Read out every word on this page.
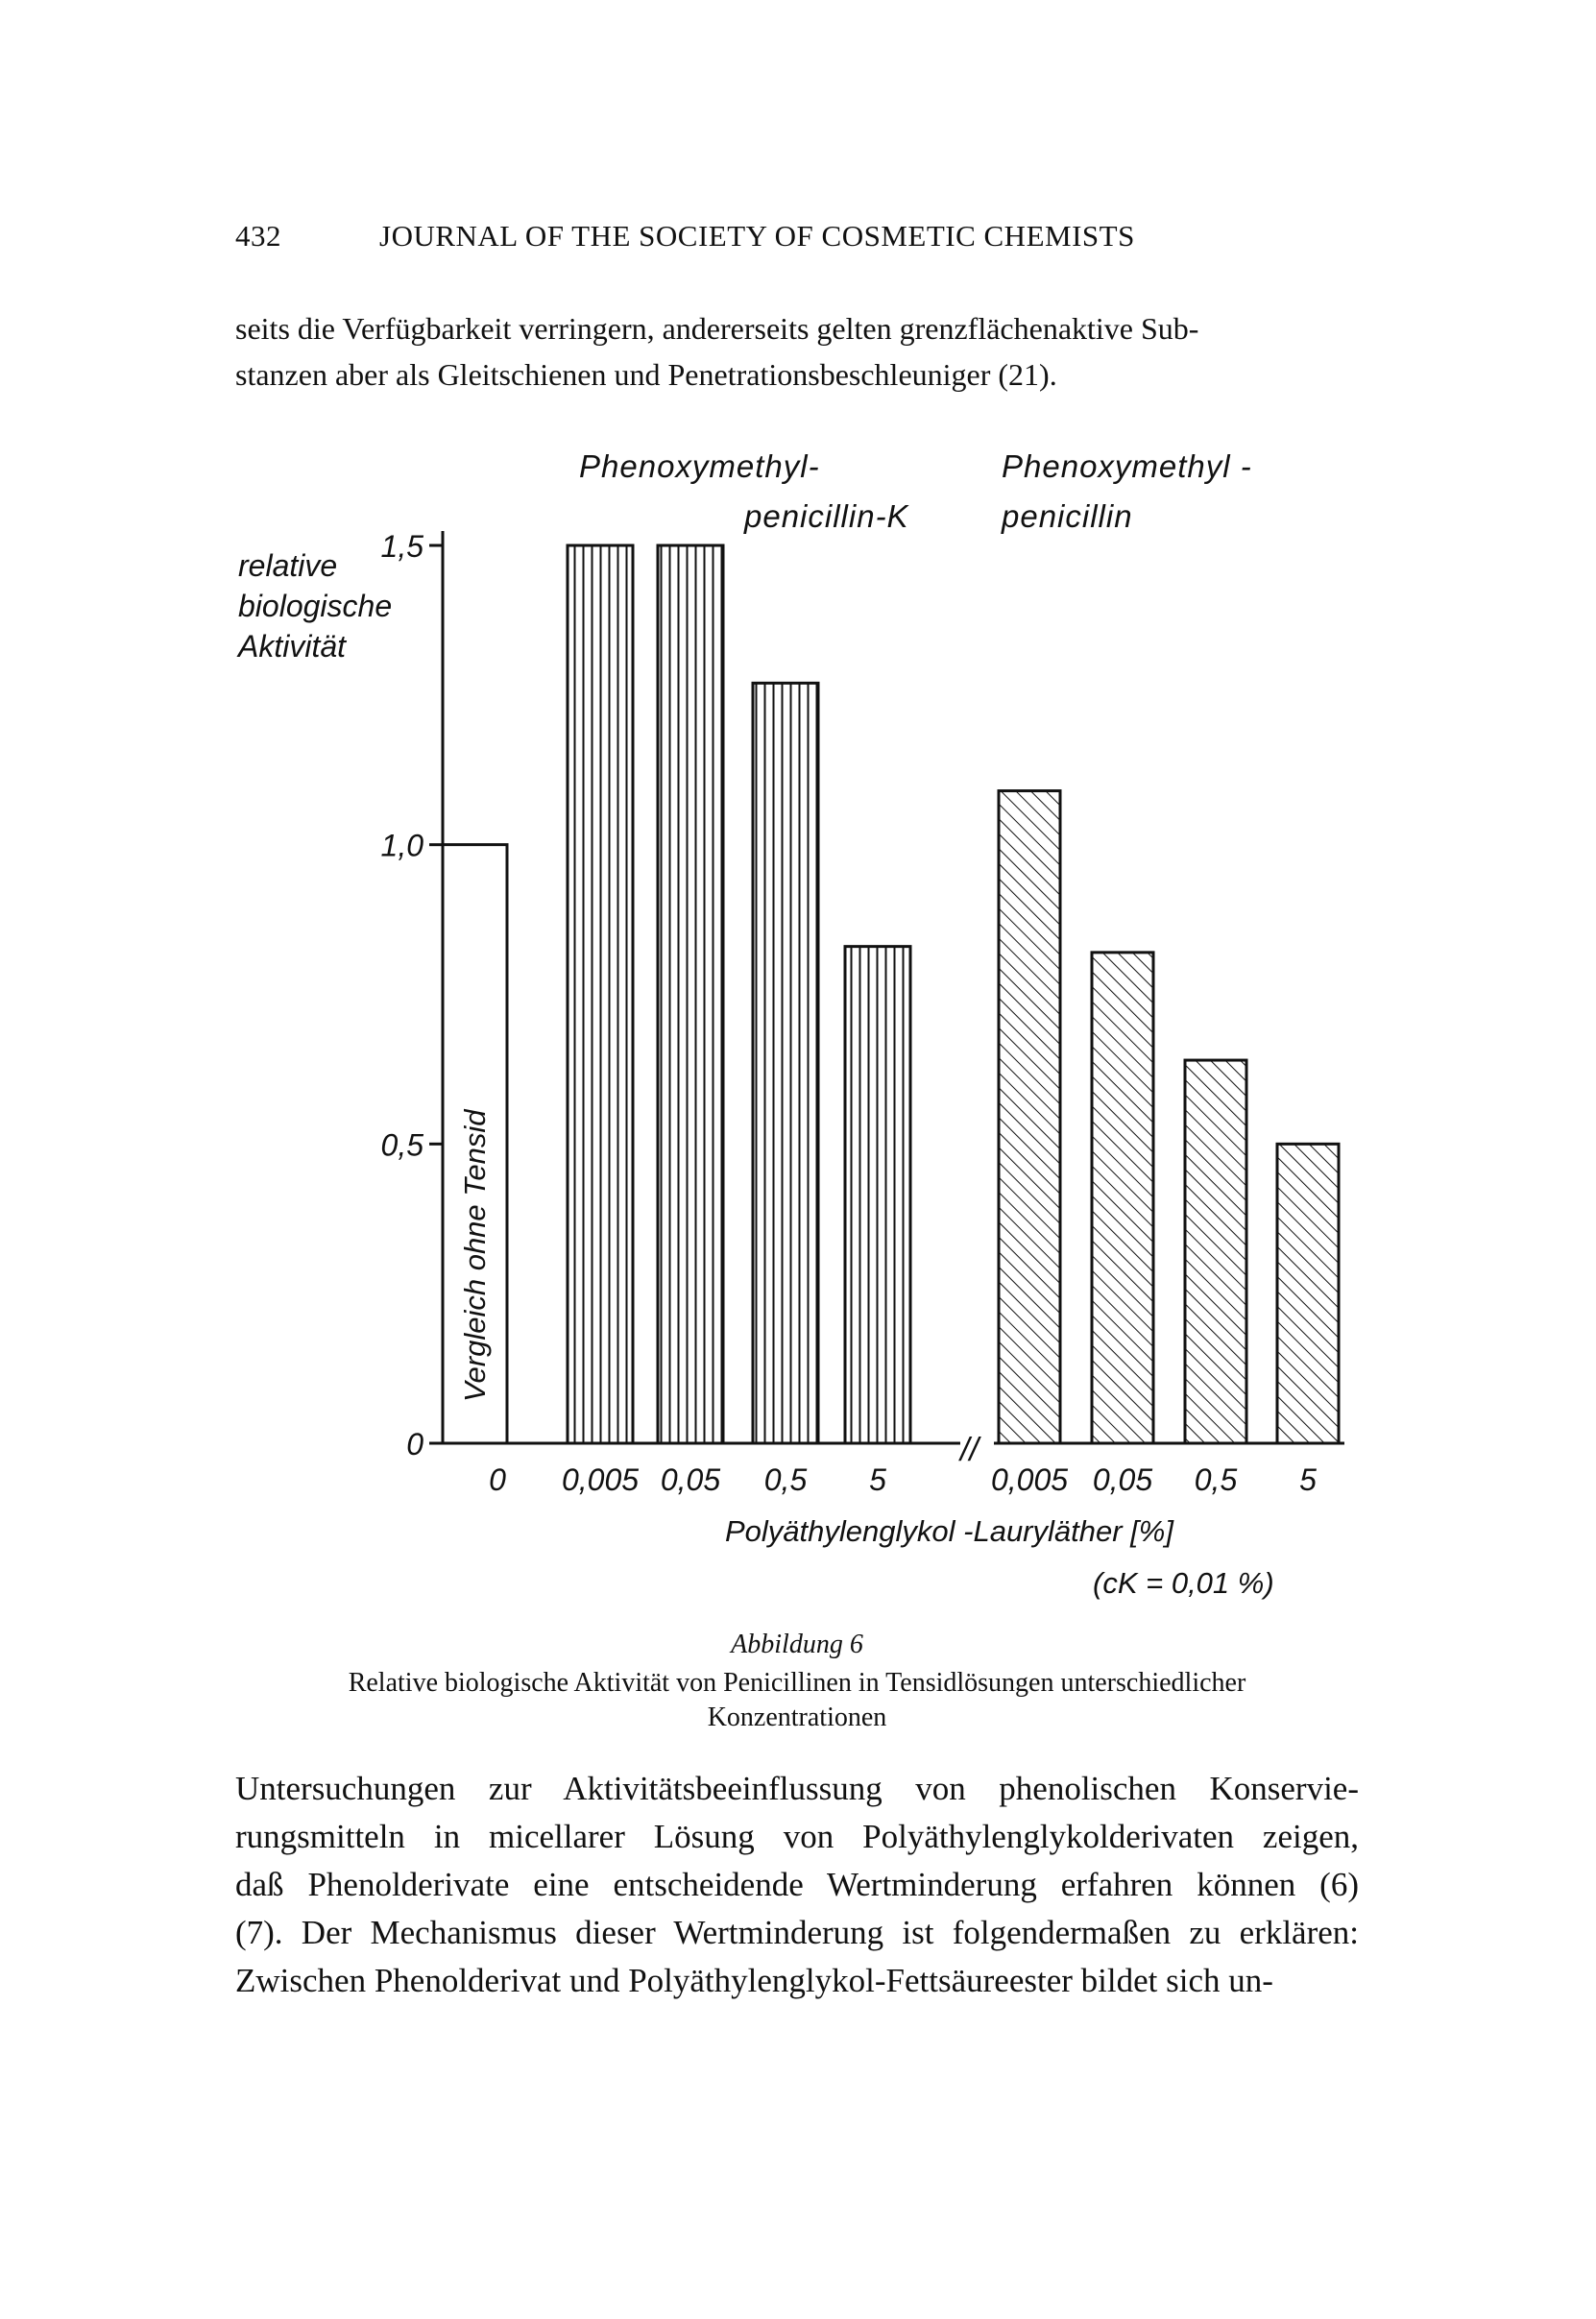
432	JOURNAL OF THE SOCIETY OF COSMETIC CHEMISTS

seits die Verfügbarkeit verringern, andererseits gelten grenzflächenaktive Sub-

stanzen aber als Gleitschienen und Penetrationsbeschleuniger (21).

//
0
0,5
1,0
1,5
relative
biologische
Aktivität
Vergleich ohne Tensid
0 0,005 0,05 0,5 5	0,005 0,05 0,5 5
Phenoxymethyl-
penicillin-K
Phenoxymethyl -
penicillin
Polyäthylenglykol -Lauryläther [%]
(cK = 0,01 %)
Abbildung 6
Relative biologische Aktivität von Penicillinen in Tensidlösungen unterschiedlicher
Konzentrationen

Untersuchungen zur Aktivitätsbeeinflussung von phenolischen Konservie-

rungsmitteln in micellarer Lösung von Polyäthylenglykolderivaten zeigen,

daß Phenolderivate eine entscheidende Wertminderung erfahren können (6)

(7). Der Mechanismus dieser Wertminderung ist folgendermaßen zu erklären:

Zwischen Phenolderivat und Polyäthylenglykol-Fettsäureester bildet sich un-
